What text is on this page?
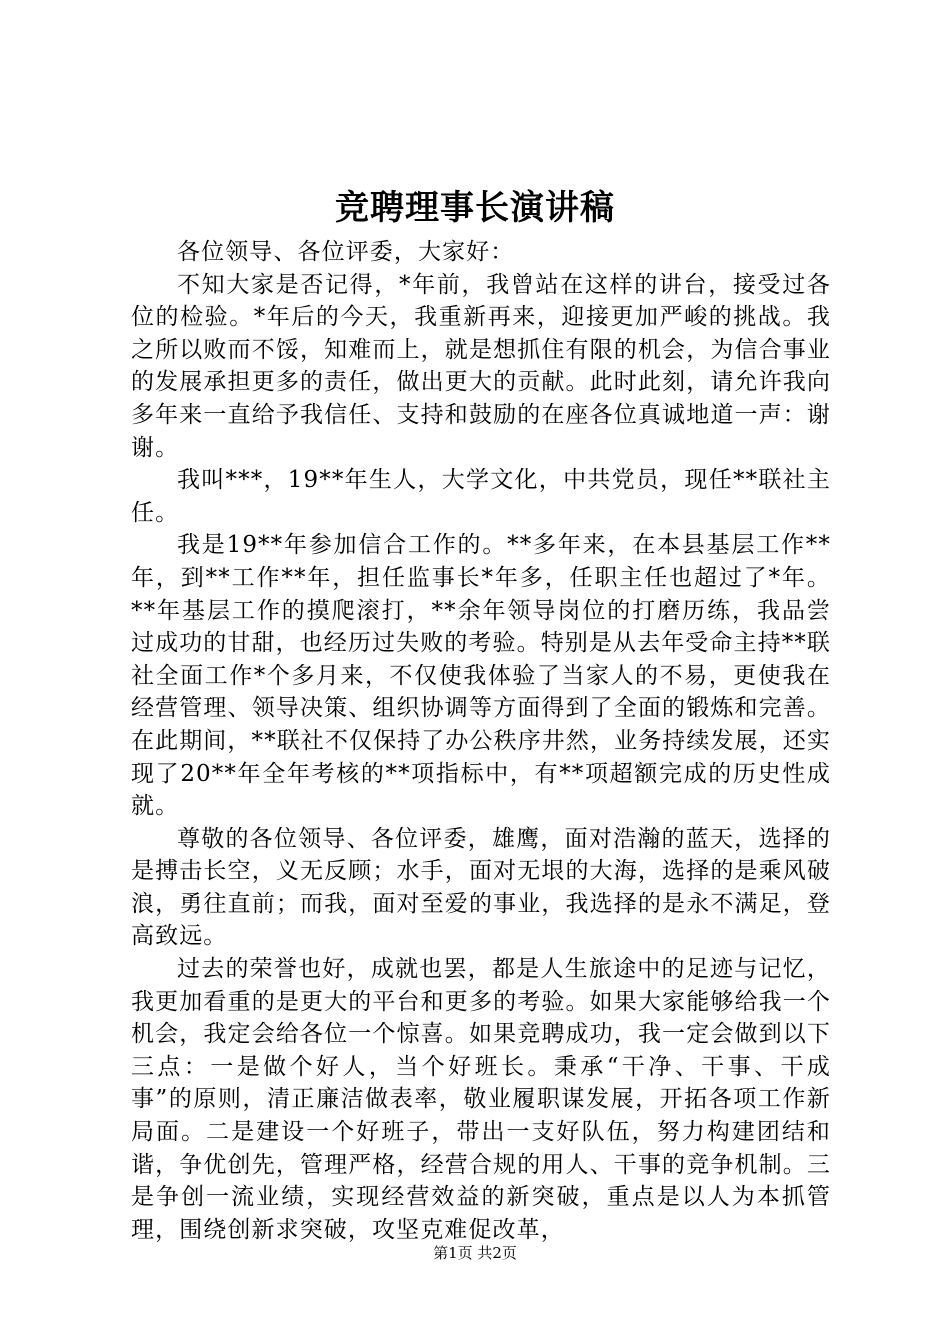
竞聘理事长演讲稿

各位领导、各位评委，大家好：

不知大家是否记得，*年前，我曾站在这样的讲台，接受过各位的检验。*年后的今天，我重新再来，迎接更加严峻的挑战。我之所以败而不馁，知难而上，就是想抓住有限的机会，为信合事业的发展承担更多的责任，做出更大的贡献。此时此刻，请允许我向多年来一直给予我信任、支持和鼓励的在座各位真诚地道一声：谢谢。

我叫***，19**年生人，大学文化，中共党员，现任**联社主任。

我是19**年参加信合工作的。**多年来，在本县基层工作**年，到**工作**年，担任监事长*年多，任职主任也超过了*年。**年基层工作的摸爬滚打，**余年领导岗位的打磨历练，我品尝过成功的甘甜，也经历过失败的考验。特别是从去年受命主持**联社全面工作*个多月来，不仅使我体验了当家人的不易，更使我在经营管理、领导决策、组织协调等方面得到了全面的锻炼和完善。在此期间，**联社不仅保持了办公秩序井然，业务持续发展，还实现了20**年全年考核的**项指标中，有**项超额完成的历史性成就。

尊敬的各位领导、各位评委，雄鹰，面对浩瀚的蓝天，选择的是搏击长空，义无反顾；水手，面对无垠的大海，选择的是乘风破浪，勇往直前；而我，面对至爱的事业，我选择的是永不满足，登高致远。

过去的荣誉也好，成就也罢，都是人生旅途中的足迹与记忆，我更加看重的是更大的平台和更多的考验。如果大家能够给我一个机会，我定会给各位一个惊喜。如果竞聘成功，我一定会做到以下三点：一是做个好人，当个好班长。秉承“干净、干事、干成事”的原则，清正廉洁做表率，敬业履职谋发展，开拓各项工作新局面。二是建设一个好班子，带出一支好队伍，努力构建团结和谐，争优创先，管理严格，经营合规的用人、干事的竞争机制。三是争创一流业绩，实现经营效益的新突破，重点是以人为本抓管理，围绕创新求突破，攻坚克难促改革，

第1页 共2页
